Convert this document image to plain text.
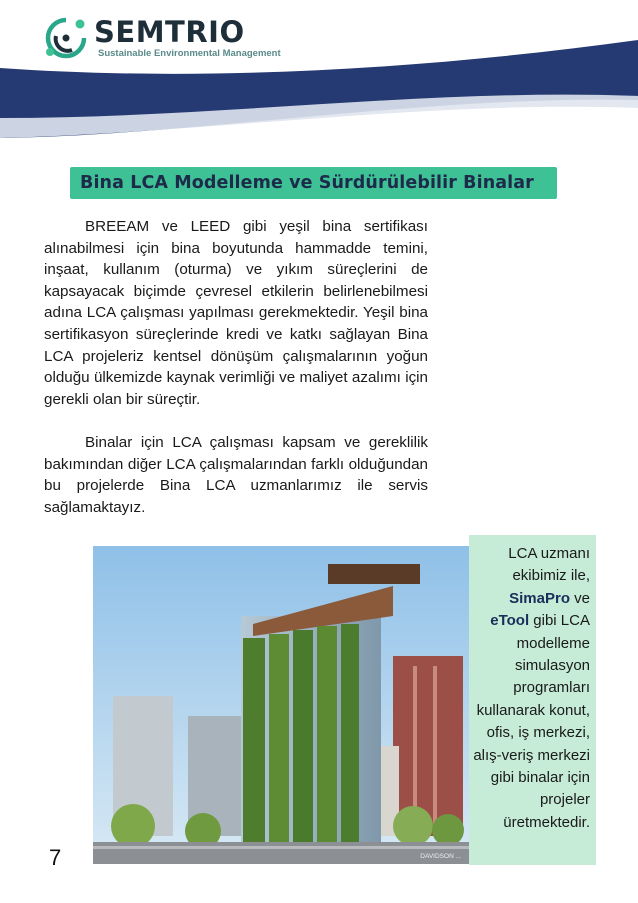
SEMTRIO
Sustainable Environmental Management
Bina LCA Modelleme ve Sürdürülebilir Binalar

BREEAM ve LEED gibi yeşil bina sertifikası alınabilmesi için bina boyutunda hammadde temini, inşaat, kullanım (oturma) ve yıkım süreçlerini de kapsayacak biçimde çevresel etkilerin belirlenebilmesi adına LCA çalışması yapılması gerekmektedir. Yeşil bina sertifikasyon süreçlerinde kredi ve katkı sağlayan Bina LCA projeleriz kentsel dönüşüm çalışmalarının yoğun olduğu ülkemizde kaynak verimliği ve maliyet azalımı için gerekli olan bir süreçtir.

Binalar için LCA çalışması kapsam ve gereklilik bakımından diğer LCA çalışmalarından farklı olduğundan bu projelerde Bina LCA uzmanlarımız ile servis sağlamaktayız.

DAVIDSON ...
LCA uzmanı ekibimiz ile, SimaPro ve eTool gibi LCA modelleme simulasyon programları kullanarak konut, ofis, iş merkezi, alış-veriş merkezi gibi binalar için projeler üretmektedir.
7
